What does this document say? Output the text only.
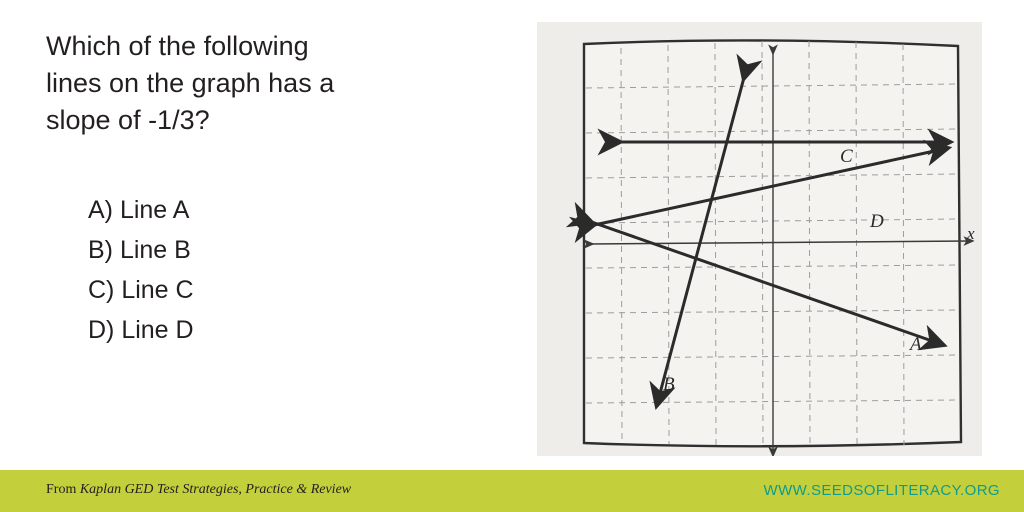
Which of the following
lines on the graph has a
slope of -1/3?
A) Line A
B) Line B
C) Line C
D) Line D
C
D
A
B
x
From Kaplan GED Test Strategies, Practice & Review	WWW.SEEDSOFLITERACY.ORG
